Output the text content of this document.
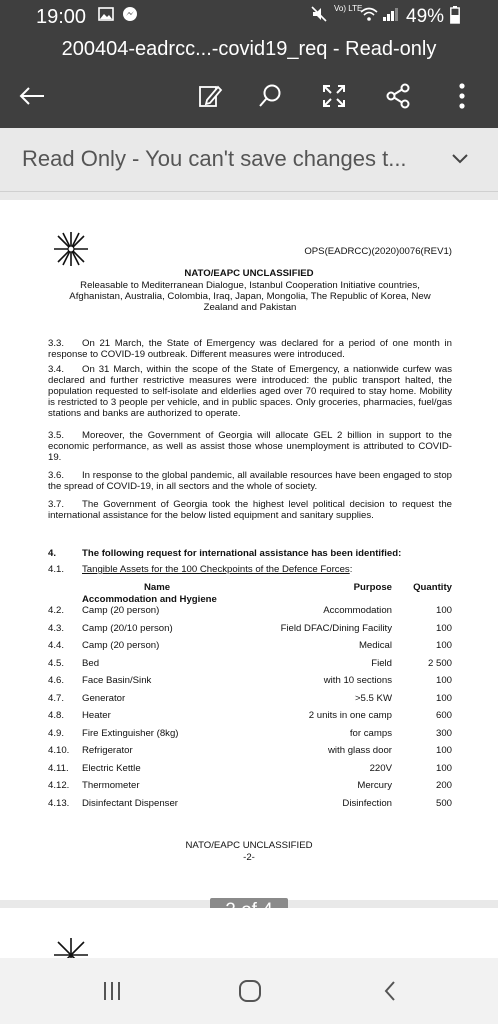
19:00	Vo) LTE 49%
200404-eadrcc...-covid19_req - Read-only
Read Only - You can't save changes t...
OPS(EADRCC)(2020)0076(REV1)
NATO/EAPC UNCLASSIFIED
Releasable to Mediterranean Dialogue, Istanbul Cooperation Initiative countries, Afghanistan, Australia, Colombia, Iraq, Japan, Mongolia, The Republic of Korea, New Zealand and Pakistan
3.3. On 21 March, the State of Emergency was declared for a period of one month in response to COVID-19 outbreak. Different measures were introduced.
3.4. On 31 March, within the scope of the State of Emergency, a nationwide curfew was declared and further restrictive measures were introduced: the public transport halted, the population requested to self-isolate and elderlies aged over 70 required to stay home. Mobility is restricted to 3 people per vehicle, and in public spaces. Only groceries, pharmacies, fuel/gas stations and banks are authorized to operate.
3.5. Moreover, the Government of Georgia will allocate GEL 2 billion in support to the economic performance, as well as assist those whose unemployment is attributed to COVID-19.
3.6. In response to the global pandemic, all available resources have been engaged to stop the spread of COVID-19, in all sectors and the whole of society.
3.7. The Government of Georgia took the highest level political decision to request the international assistance for the below listed equipment and sanitary supplies.
4.	The following request for international assistance has been identified:
4.1. Tangible Assets for the 100 Checkpoints of the Defence Forces:
Name	Purpose Quantity
Accommodation and Hygiene
4.2. Camp (20 person)	Accommodation	100
4.3. Camp (20/10 person)	Field DFAC/Dining Facility	100
4.4. Camp (20 person)	Medical	100
4.5. Bed	Field	2 500
4.6. Face Basin/Sink	with 10 sections	100
4.7. Generator	>5.5 KW	100
4.8. Heater	2 units in one camp	600
4.9. Fire Extinguisher (8kg)	for camps	300
4.10. Refrigerator	with glass door	100
4.11. Electric Kettle	220V	100
4.12. Thermometer	Mercury	200
4.13. Disinfectant Dispenser	Disinfection	500
NATO/EAPC UNCLASSIFIED
-2-
